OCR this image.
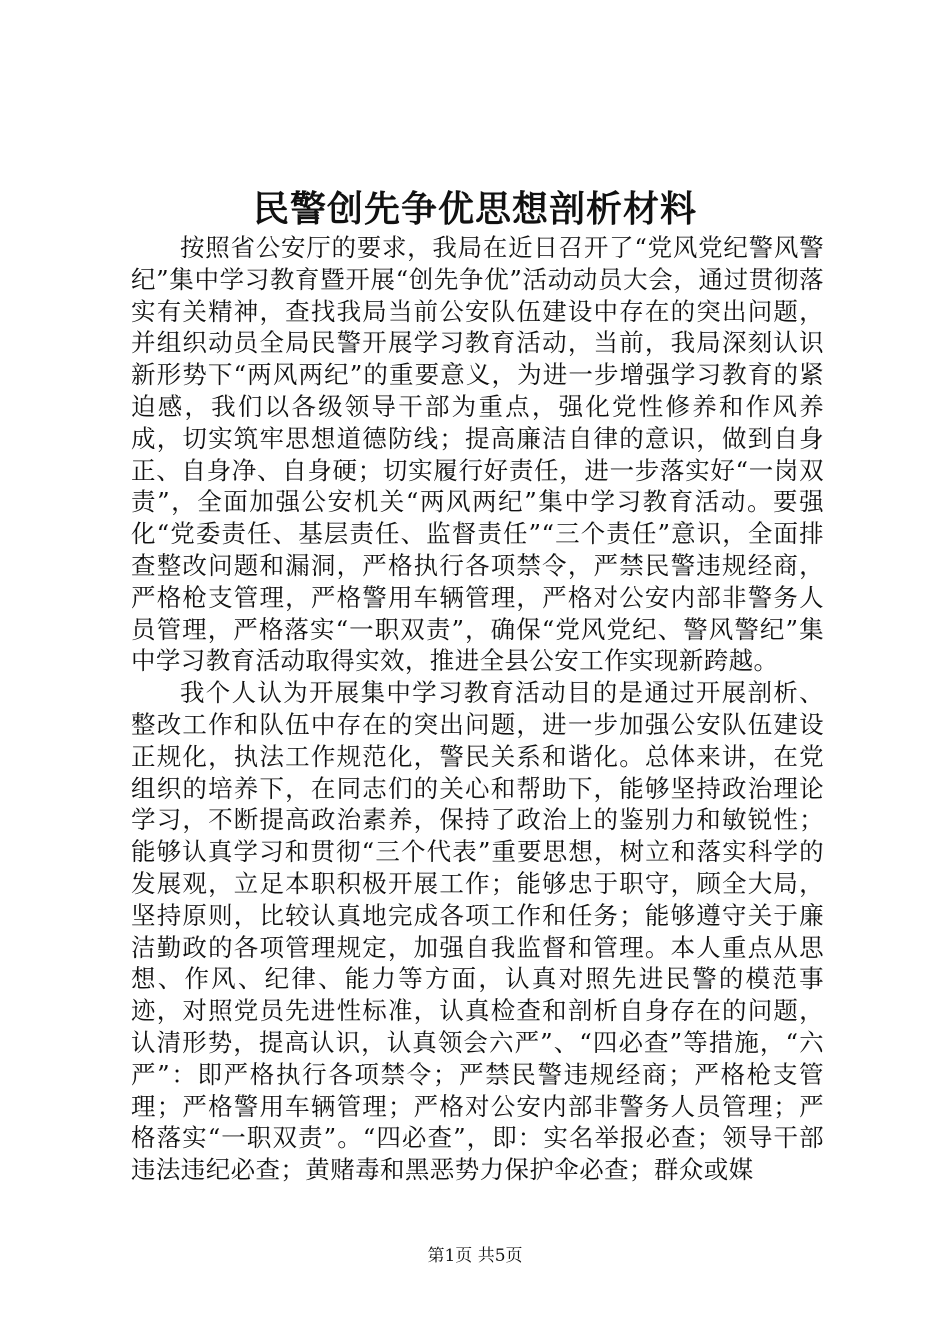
民警创先争优思想剖析材料

按照省公安厅的要求，我局在近日召开了“党风党纪警风警纪”集中学习教育暨开展“创先争优”活动动员大会，通过贯彻落实有关精神，查找我局当前公安队伍建设中存在的突出问题，并组织动员全局民警开展学习教育活动，当前，我局深刻认识新形势下“两风两纪”的重要意义，为进一步增强学习教育的紧迫感，我们以各级领导干部为重点，强化党性修养和作风养成，切实筑牢思想道德防线；提高廉洁自律的意识，做到自身正、自身净、自身硬；切实履行好责任，进一步落实好“一岗双责”，全面加强公安机关“两风两纪”集中学习教育活动。要强化“党委责任、基层责任、监督责任”“三个责任”意识，全面排查整改问题和漏洞，严格执行各项禁令，严禁民警违规经商，严格枪支管理，严格警用车辆管理，严格对公安内部非警务人员管理，严格落实“一职双责”，确保“党风党纪、警风警纪”集中学习教育活动取得实效，推进全县公安工作实现新跨越。

我个人认为开展集中学习教育活动目的是通过开展剖析、整改工作和队伍中存在的突出问题，进一步加强公安队伍建设正规化，执法工作规范化，警民关系和谐化。总体来讲，在党组织的培养下，在同志们的关心和帮助下，能够坚持政治理论学习，不断提高政治素养，保持了政治上的鉴别力和敏锐性；能够认真学习和贯彻“三个代表”重要思想，树立和落实科学的发展观，立足本职积极开展工作；能够忠于职守，顾全大局，坚持原则，比较认真地完成各项工作和任务；能够遵守关于廉洁勤政的各项管理规定，加强自我监督和管理。本人重点从思想、作风、纪律、能力等方面，认真对照先进民警的模范事迹，对照党员先进性标准，认真检查和剖析自身存在的问题，认清形势，提高认识，认真领会六严”、“四必查”等措施，“六严”：即严格执行各项禁令；严禁民警违规经商；严格枪支管理；严格警用车辆管理；严格对公安内部非警务人员管理；严格落实“一职双责”。“四必查”，即：实名举报必查；领导干部违法违纪必查；黄赌毒和黑恶势力保护伞必查；群众或媒

第1页 共5页
